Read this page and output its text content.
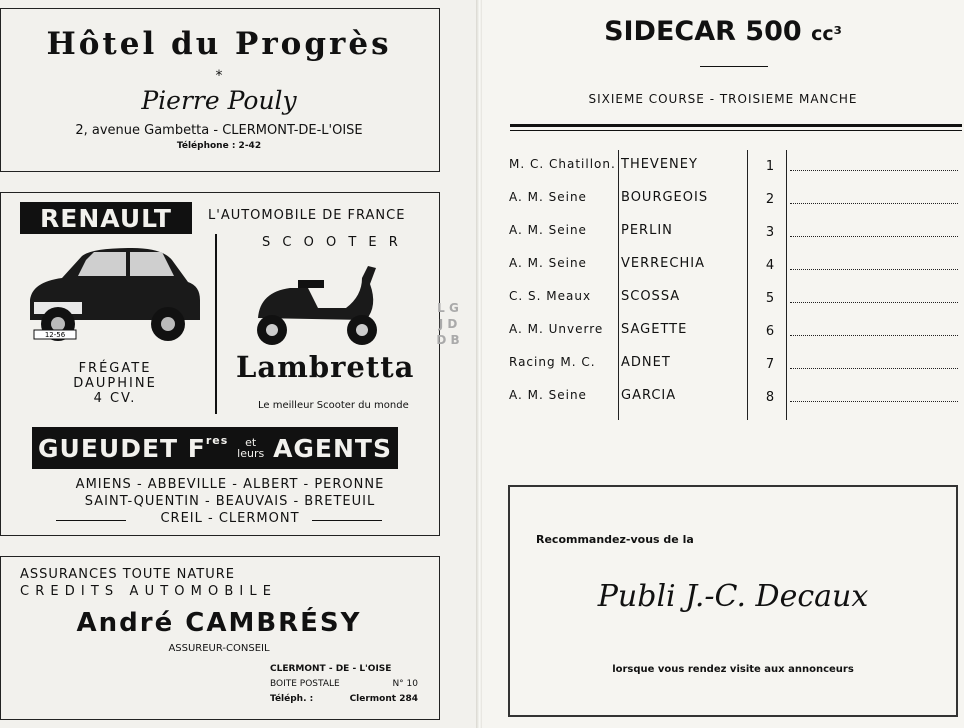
Hôtel du Progrès
*
Pierre Pouly
2, avenue Gambetta - CLERMONT-DE-L'OISE
Téléphone : 2-42
RENAULT	L'AUTOMOBILE DE FRANCE
S C O O T E R
12-56
FRÉGATE
DAUPHINE
4 CV.
Lambretta
Le meilleur Scooter du monde
GUEUDET $F^{res}$	et
leurs AGENTS
AMIENS - ABBEVILLE - ALBERT - PERONNE
SAINT-QUENTIN - BEAUVAIS - BRETEUIL
CREIL - CLERMONT
ASSURANCES TOUTE NATURE
C R E D I T S   A U T O M O B I L E
André CAMBRÉSY
ASSUREUR-CONSEIL
CLERMONT - DE - L'OISE
BOITE POSTALE	N° 10
Téléph. :	Clermont 284
SIDECAR 500 cc³
SIXIEME COURSE - TROISIEME MANCHE
M. C. Chatillon. THEVENEY	1
A. M. Seine	BOURGEOIS	2
A. M. Seine	PERLIN	3
A. M. Seine	VERRECHIA	4
C. S. Meaux SCOSSA	5
A. M. Unverre SAGETTE	6
Racing M. C. ADNET	7
A. M. Seine	GARCIA	8
Recommandez-vous de la
Publi J.-C. Decaux
lorsque vous rendez visite aux annonceurs
L G
J D
D B
